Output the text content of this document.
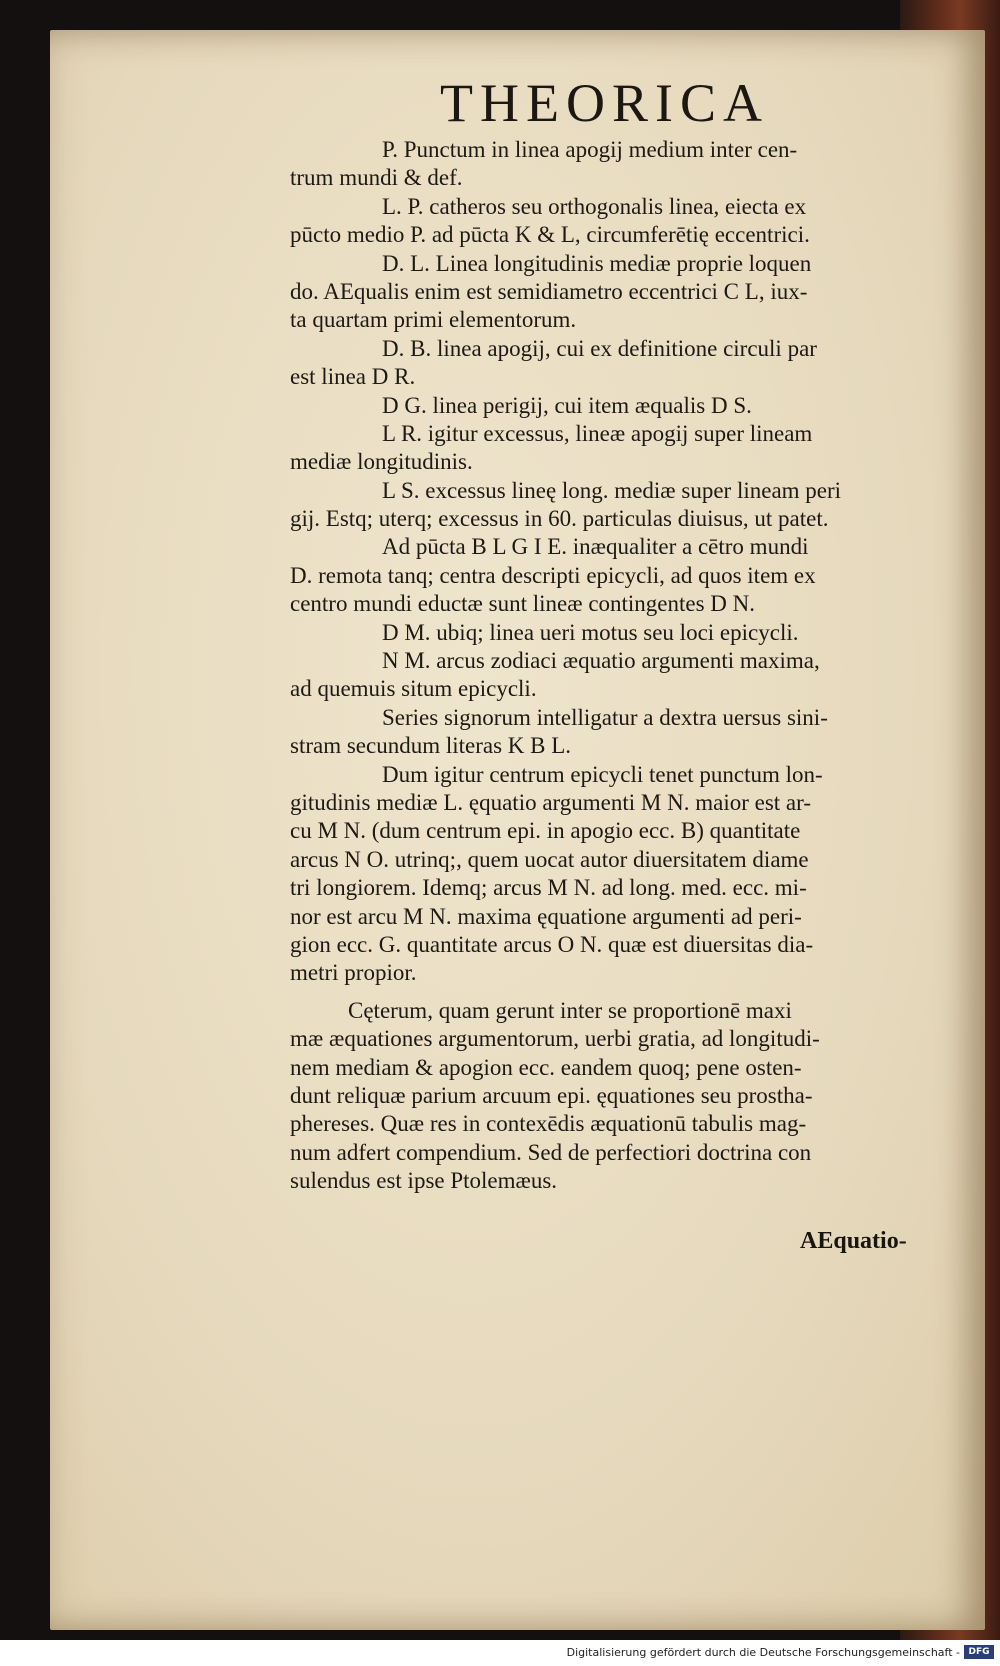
THEORICA
P. Punctum in linea apogij medium inter cen-
trum mundi & def.
L. P. catheros seu orthogonalis linea, eiecta ex
pūcto medio P. ad pūcta K & L, circumferētię eccentrici.
D. L. Linea longitudinis mediæ proprie loquen
do. AEqualis enim est semidiametro eccentrici C L, iux-
ta quartam primi elementorum.
D. B. linea apogij, cui ex definitione circuli par
est linea D R.
D G. linea perigij, cui item æqualis D S.
L R. igitur excessus, lineæ apogij super lineam
mediæ longitudinis.
L S. excessus lineę long. mediæ super lineam peri
gij. Estq; uterq; excessus in 60. particulas diuisus, ut patet.
Ad pūcta B L G I E. inæqualiter a cētro mundi
D. remota tanq; centra descripti epicycli, ad quos item ex
centro mundi eductæ sunt lineæ contingentes D N.
D M. ubiq; linea ueri motus seu loci epicycli.
N M. arcus zodiaci æquatio argumenti maxima,
ad quemuis situm epicycli.
Series signorum intelligatur a dextra uersus sini-
stram secundum literas K B L.
Dum igitur centrum epicycli tenet punctum lon-
gitudinis mediæ L. ęquatio argumenti M N. maior est ar-
cu M N. (dum centrum epi. in apogio ecc. B) quantitate
arcus N O. utrinq;, quem uocat autor diuersitatem diame
tri longiorem. Idemq; arcus M N. ad long. med. ecc. mi-
nor est arcu M N. maxima ęquatione argumenti ad peri-
gion ecc. G. quantitate arcus O N. quæ est diuersitas dia-
metri propior.
Cęterum, quam gerunt inter se proportionē maxi
mæ æquationes argumentorum, uerbi gratia, ad longitudi-
nem mediam & apogion ecc. eandem quoq; pene osten-
dunt reliquæ parium arcuum epi. ęquationes seu prostha-
phereses. Quæ res in contexēdis æquationū tabulis mag-
num adfert compendium. Sed de perfectiori doctrina con
sulendus est ipse Ptolemæus.
AEquatio-
Digitalisierung gefördert durch die Deutsche Forschungsgemeinschaft - DFG
